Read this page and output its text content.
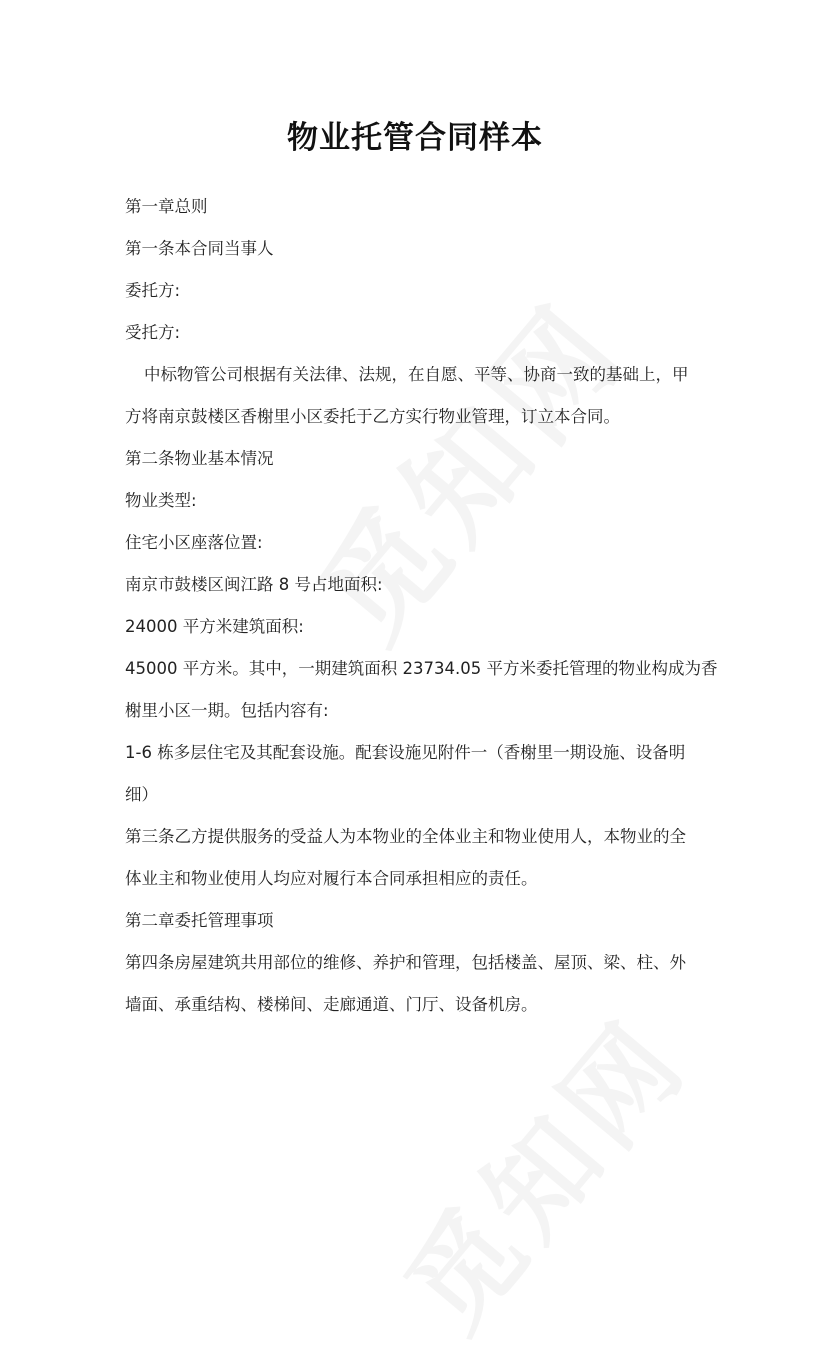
物业托管合同样本
第一章总则
第一条本合同当事人
委托方:
受托方:
中标物管公司根据有关法律、法规，在自愿、平等、协商一致的基础上，甲
方将南京鼓楼区香榭里小区委托于乙方实行物业管理，订立本合同。
第二条物业基本情况
物业类型:
住宅小区座落位置:
南京市鼓楼区闽江路 8 号占地面积:
24000 平方米建筑面积:
45000 平方米。其中，一期建筑面积 23734.05 平方米委托管理的物业构成为香
榭里小区一期。包括内容有:
1-6 栋多层住宅及其配套设施。配套设施见附件一（香榭里一期设施、设备明
细）
第三条乙方提供服务的受益人为本物业的全体业主和物业使用人，本物业的全
体业主和物业使用人均应对履行本合同承担相应的责任。
第二章委托管理事项
第四条房屋建筑共用部位的维修、养护和管理，包括楼盖、屋顶、梁、柱、外
墙面、承重结构、楼梯间、走廊通道、门厅、设备机房。
